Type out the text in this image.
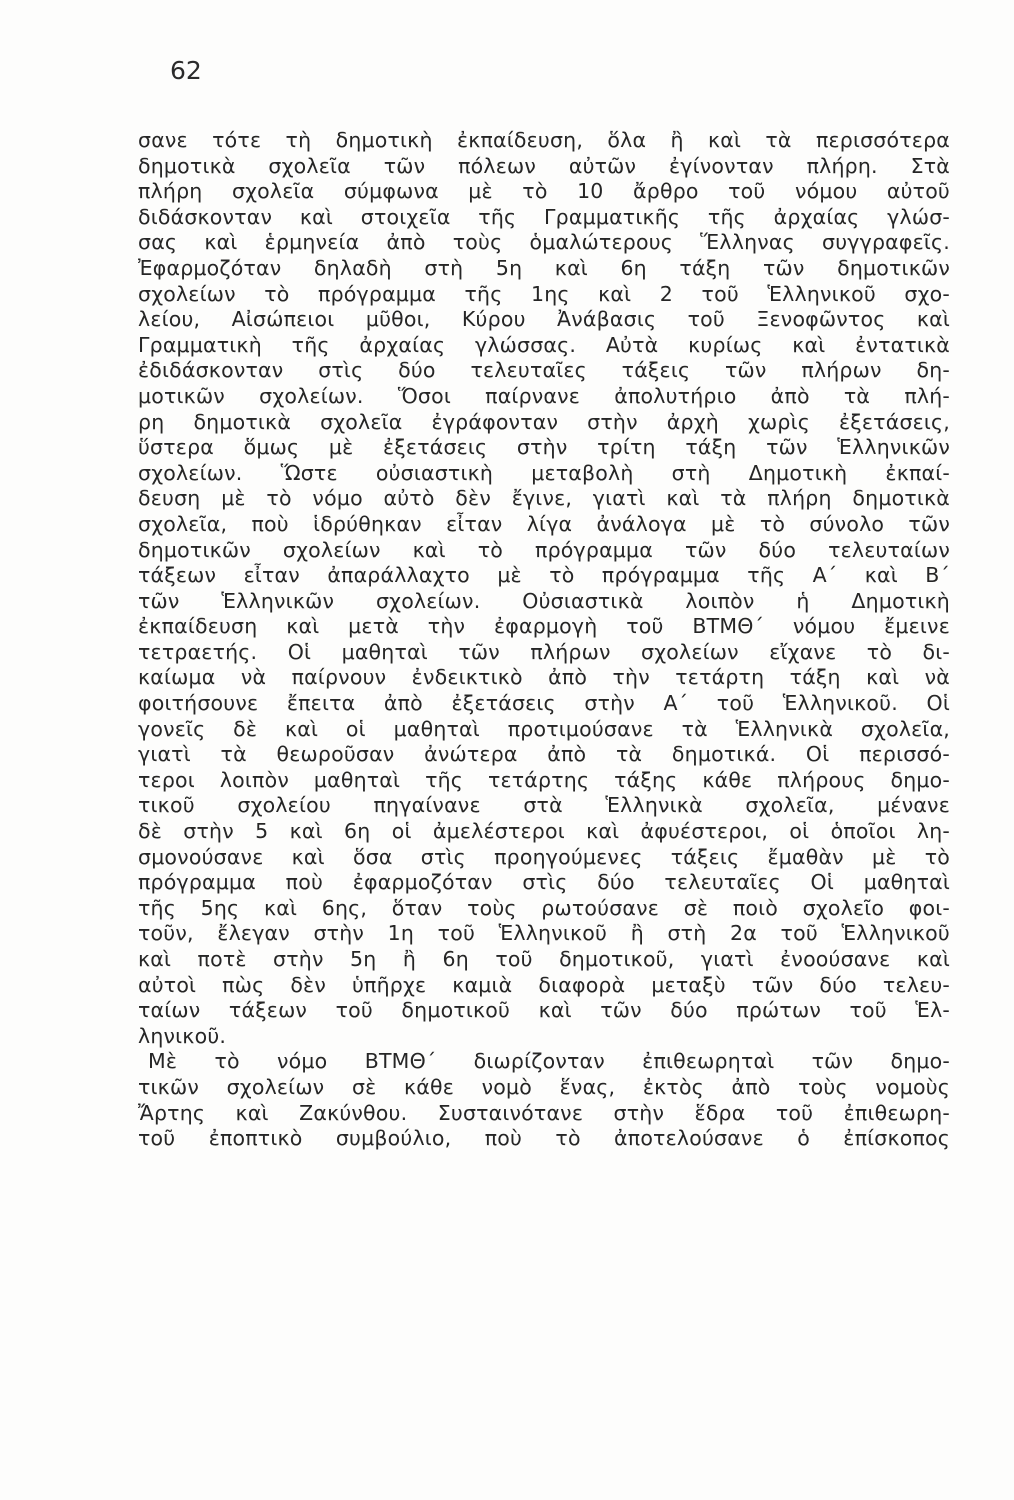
62
σανε τότε τὴ δημοτικὴ ἐκπαίδευση, ὅλα ἢ καὶ τὰ περισσότερα
δημοτικὰ σχολεῖα τῶν πόλεων αὐτῶν ἐγίνονταν πλήρη. Στὰ
πλήρη σχολεῖα σύμφωνα μὲ τὸ 10 ἄρθρο τοῦ νόμου αὐτοῦ
διδάσκονταν καὶ στοιχεῖα τῆς Γραμματικῆς τῆς ἀρχαίας γλώσ-
σας καὶ ἑρμηνεία ἀπὸ τοὺς ὁμαλώτερους Ἕλληνας συγγραφεῖς.
Ἐφαρμοζόταν δηλαδὴ στὴ 5η καὶ 6η τάξη τῶν δημοτικῶν
σχολείων τὸ πρόγραμμα τῆς 1ης καὶ 2 τοῦ Ἑλληνικοῦ σχο-
λείου, Αἰσώπειοι μῦθοι, Κύρου Ἀνάβασις τοῦ Ξενοφῶντος καὶ
Γραμματικὴ τῆς ἀρχαίας γλώσσας. Αὐτὰ κυρίως καὶ ἐντατικὰ
ἐδιδάσκονταν στὶς δύο τελευταῖες τάξεις τῶν πλήρων δη-
μοτικῶν σχολείων. Ὅσοι παίρνανε ἀπολυτήριο ἀπὸ τὰ πλή-
ρη δημοτικὰ σχολεῖα ἐγράφονταν στὴν ἀρχὴ χωρὶς ἐξετάσεις,
ὕστερα ὅμως μὲ ἐξετάσεις στὴν τρίτη τάξη τῶν Ἑλληνικῶν
σχολείων. Ὥστε οὐσιαστικὴ μεταβολὴ στὴ Δημοτικὴ ἐκπαί-
δευση μὲ τὸ νόμο αὐτὸ δὲν ἔγινε, γιατὶ καὶ τὰ πλήρη δημοτικὰ
σχολεῖα, ποὺ ἱδρύθηκαν εἶταν λίγα ἀνάλογα μὲ τὸ σύνολο τῶν
δημοτικῶν σχολείων καὶ τὸ πρόγραμμα τῶν δύο τελευταίων
τάξεων εἶταν ἀπαράλλαχτο μὲ τὸ πρόγραμμα τῆς Α΄ καὶ Β΄
τῶν Ἑλληνικῶν σχολείων. Οὐσιαστικὰ λοιπὸν ἡ Δημοτικὴ
ἐκπαίδευση καὶ μετὰ τὴν ἐφαρμογὴ τοῦ ΒΤΜΘ΄ νόμου ἔμεινε
τετραετής. Οἱ μαθηταὶ τῶν πλήρων σχολείων εἴχανε τὸ δι-
καίωμα νὰ παίρνουν ἐνδεικτικὸ ἀπὸ τὴν τετάρτη τάξη καὶ νὰ
φοιτήσουνε ἔπειτα ἀπὸ ἐξετάσεις στὴν Α΄ τοῦ Ἑλληνικοῦ. Οἱ
γονεῖς δὲ καὶ οἱ μαθηταὶ προτιμούσανε τὰ Ἑλληνικὰ σχολεῖα,
γιατὶ τὰ θεωροῦσαν ἀνώτερα ἀπὸ τὰ δημοτικά. Οἱ περισσό-
τεροι λοιπὸν μαθηταὶ τῆς τετάρτης τάξης κάθε πλήρους δημο-
τικοῦ σχολείου πηγαίνανε στὰ Ἑλληνικὰ σχολεῖα, μένανε
δὲ στὴν 5 καὶ 6η οἱ ἀμελέστεροι καὶ ἀφυέστεροι, οἱ ὁποῖοι λη-
σμονούσανε καὶ ὅσα στὶς προηγούμενες τάξεις ἔμαθὰν μὲ τὸ
πρόγραμμα ποὺ ἐφαρμοζόταν στὶς δύο τελευταῖες Οἱ μαθηταὶ
τῆς 5ης καὶ 6ης, ὅταν τοὺς ρωτούσανε σὲ ποιὸ σχολεῖο φοι-
τοῦν, ἔλεγαν στὴν 1η τοῦ Ἑλληνικοῦ ἢ στὴ 2α τοῦ Ἑλληνικοῦ
καὶ ποτὲ στὴν 5η ἢ 6η τοῦ δημοτικοῦ, γιατὶ ἐνοούσανε καὶ
αὐτοὶ πὼς δὲν ὑπῆρχε καμιὰ διαφορὰ μεταξὺ τῶν δύο τελευ-
ταίων τάξεων τοῦ δημοτικοῦ καὶ τῶν δύο πρώτων τοῦ Ἑλ-
ληνικοῦ.
Μὲ τὸ νόμο ΒΤΜΘ΄ διωρίζονταν ἐπιθεωρηταὶ τῶν δημο-
τικῶν σχολείων σὲ κάθε νομὸ ἕνας, ἐκτὸς ἀπὸ τοὺς νομοὺς
Ἄρτης καὶ Ζακύνθου. Συσταινότανε στὴν ἕδρα τοῦ ἐπιθεωρη-
τοῦ ἐποπτικὸ συμβούλιο, ποὺ τὸ ἀποτελούσανε ὁ ἐπίσκοπος
